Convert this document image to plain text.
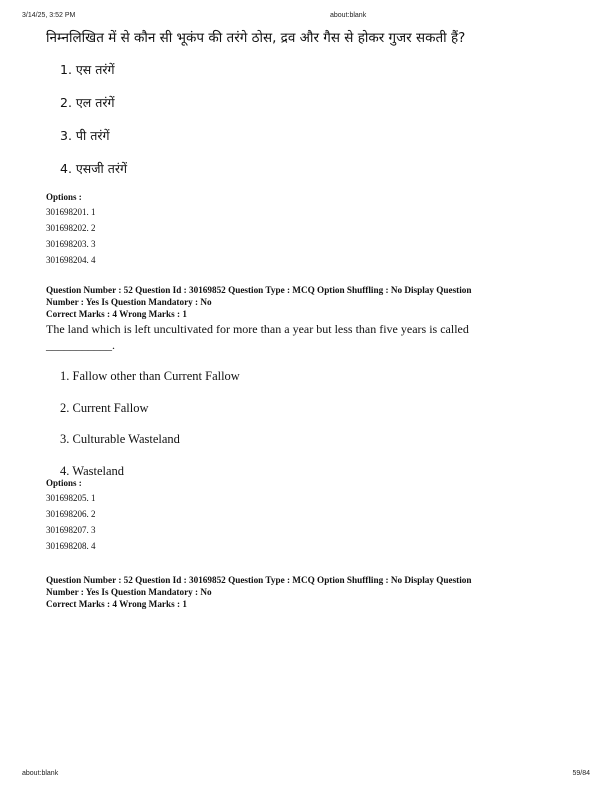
3/14/25, 3:52 PM	about:blank
निम्नलिखित में से कौन सी भूकंप की तरंगे ठोस, द्रव और गैस से होकर गुजर सकती हैं?
1. एस तरंगें
2. एल तरंगें
3. पी तरंगें
4. एसजी तरंगें
Options :
301698201. 1
301698202. 2
301698203. 3
301698204. 4
Question Number : 52 Question Id : 30169852 Question Type : MCQ Option Shuffling : No Display Question
Number : Yes Is Question Mandatory : No
Correct Marks : 4 Wrong Marks : 1
The land which is left uncultivated for more than a year but less than five years is called
___________.
1. Fallow other than Current Fallow
2. Current Fallow
3. Culturable Wasteland
4. Wasteland
Options :
301698205. 1
301698206. 2
301698207. 3
301698208. 4
Question Number : 52 Question Id : 30169852 Question Type : MCQ Option Shuffling : No Display Question
Number : Yes Is Question Mandatory : No
Correct Marks : 4 Wrong Marks : 1
about:blank	59/84
